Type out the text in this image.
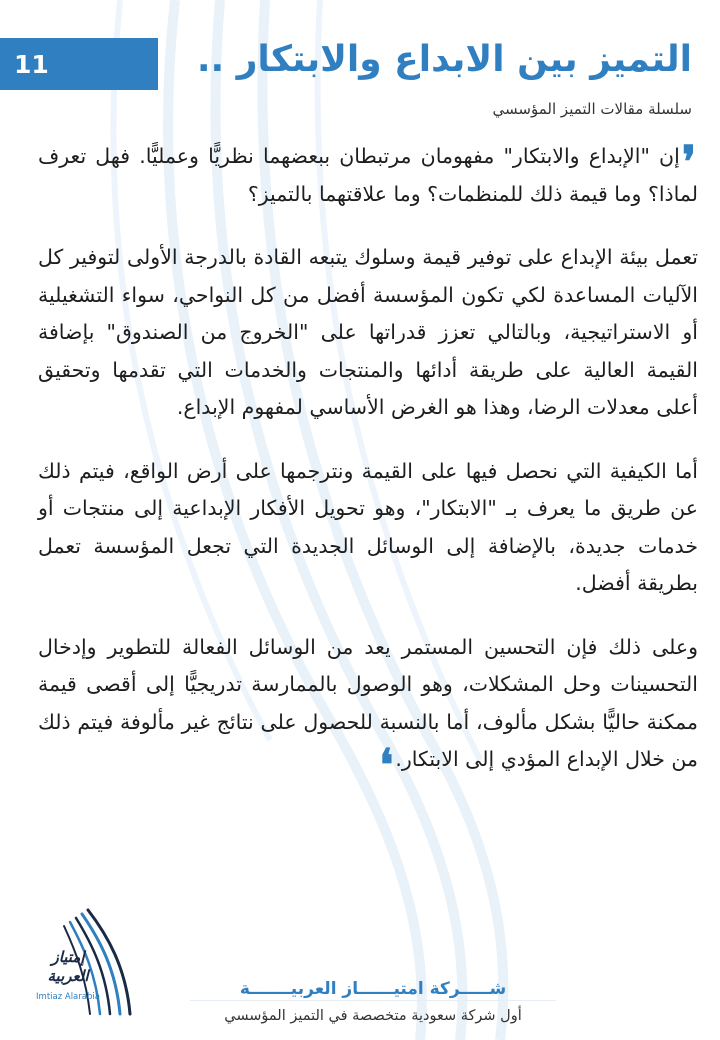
11	التميز بين الابداع والابتكار ..
سلسلة مقالات التميز المؤسسي

❜إن "الإبداع والابتكار" مفهومان مرتبطان ببعضهما نظريًّا وعمليًّا. فهل تعرف لماذا؟ وما قيمة ذلك للمنظمات؟ وما علاقتهما بالتميز؟

تعمل بيئة الإبداع على توفير قيمة وسلوك يتبعه القادة بالدرجة الأولى لتوفير كل الآليات المساعدة لكي تكون المؤسسة أفضل من كل النواحي، سواء التشغيلية أو الاستراتيجية، وبالتالي تعزز قدراتها على "الخروج من الصندوق" بإضافة القيمة العالية على طريقة أدائها والمنتجات والخدمات التي تقدمها وتحقيق أعلى معدلات الرضا، وهذا هو الغرض الأساسي لمفهوم الإبداع.

أما الكيفية التي نحصل فيها على القيمة ونترجمها على أرض الواقع، فيتم ذلك عن طريق ما يعرف بـ "الابتكار"، وهو تحويل الأفكار الإبداعية إلى منتجات أو خدمات جديدة، بالإضافة إلى الوسائل الجديدة التي تجعل المؤسسة تعمل بطريقة أفضل.

وعلى ذلك فإن التحسين المستمر يعد من الوسائل الفعالة للتطوير وإدخال التحسينات وحل المشكلات، وهو الوصول بالممارسة تدريجيًّا إلى أقصى قيمة ممكنة حاليًّا بشكل مألوف، أما بالنسبة للحصول على نتائج غير مألوفة فيتم ذلك من خلال الإبداع المؤدي إلى الابتكار.❛

إمتياز العربية
Imtiaz Alarabia	شـــــركة امتيــــــاز العربيـــــــة
أول شركة سعودية متخصصة في التميز المؤسسي
